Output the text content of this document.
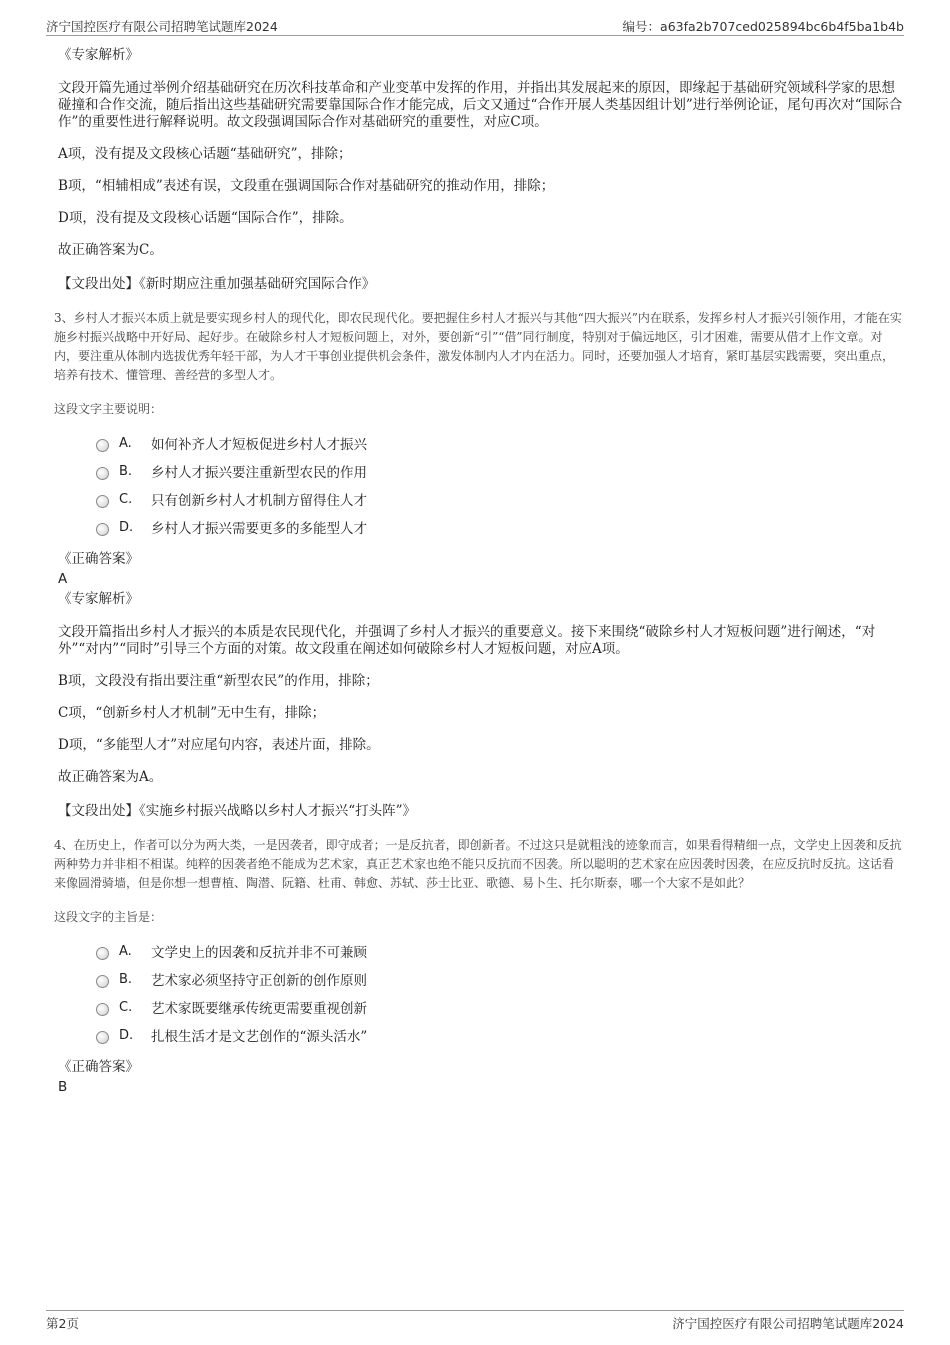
济宁国控医疗有限公司招聘笔试题库2024	编号：a63fa2b707ced025894bc6b4f5ba1b4b
《专家解析》
文段开篇先通过举例介绍基础研究在历次科技革命和产业变革中发挥的作用，并指出其发展起来的原因，即缘起于基础研究领域科学家的思想碰撞和合作交流，随后指出这些基础研究需要靠国际合作才能完成，后文又通过“合作开展人类基因组计划”进行举例论证，尾句再次对“国际合作”的重要性进行解释说明。故文段强调国际合作对基础研究的重要性，对应C项。
A项，没有提及文段核心话题“基础研究”，排除；
B项，“相辅相成”表述有误，文段重在强调国际合作对基础研究的推动作用，排除；
D项，没有提及文段核心话题“国际合作”，排除。
故正确答案为C。
【文段出处】《新时期应注重加强基础研究国际合作》
3、乡村人才振兴本质上就是要实现乡村人的现代化，即农民现代化。要把握住乡村人才振兴与其他“四大振兴”内在联系，发挥乡村人才振兴引领作用，才能在实施乡村振兴战略中开好局、起好步。在破除乡村人才短板问题上，对外，要创新“引”“借”同行制度，特别对于偏远地区，引才困难，需要从借才上作文章。对内，要注重从体制内选拔优秀年轻干部，为人才干事创业提供机会条件，激发体制内人才内在活力。同时，还要加强人才培育，紧盯基层实践需要，突出重点，培养有技术、懂管理、善经营的多型人才。
这段文字主要说明：
A.	如何补齐人才短板促进乡村人才振兴
B.	乡村人才振兴要注重新型农民的作用
C.	只有创新乡村人才机制方留得住人才
D.	乡村人才振兴需要更多的多能型人才
《正确答案》
A
《专家解析》
文段开篇指出乡村人才振兴的本质是农民现代化，并强调了乡村人才振兴的重要意义。接下来围绕“破除乡村人才短板问题”进行阐述，“对外”“对内”“同时”引导三个方面的对策。故文段重在阐述如何破除乡村人才短板问题，对应A项。
B项，文段没有指出要注重“新型农民”的作用，排除；
C项，“创新乡村人才机制”无中生有，排除；
D项，“多能型人才”对应尾句内容，表述片面，排除。
故正确答案为A。
【文段出处】《实施乡村振兴战略以乡村人才振兴“打头阵”》
4、在历史上，作者可以分为两大类，一是因袭者，即守成者；一是反抗者，即创新者。不过这只是就粗浅的迹象而言，如果看得精细一点，文学史上因袭和反抗两种势力并非相不相谋。纯粹的因袭者绝不能成为艺术家，真正艺术家也绝不能只反抗而不因袭。所以聪明的艺术家在应因袭时因袭，在应反抗时反抗。这话看来像圆滑骑墙，但是你想一想曹植、陶潜、阮籍、杜甫、韩愈、苏轼、莎士比亚、歌德、易卜生、托尔斯泰，哪一个大家不是如此？
这段文字的主旨是：
A.	文学史上的因袭和反抗并非不可兼顾
B.	艺术家必须坚持守正创新的创作原则
C.	艺术家既要继承传统更需要重视创新
D.	扎根生活才是文艺创作的“源头活水”
《正确答案》
B
第2页	济宁国控医疗有限公司招聘笔试题库2024
